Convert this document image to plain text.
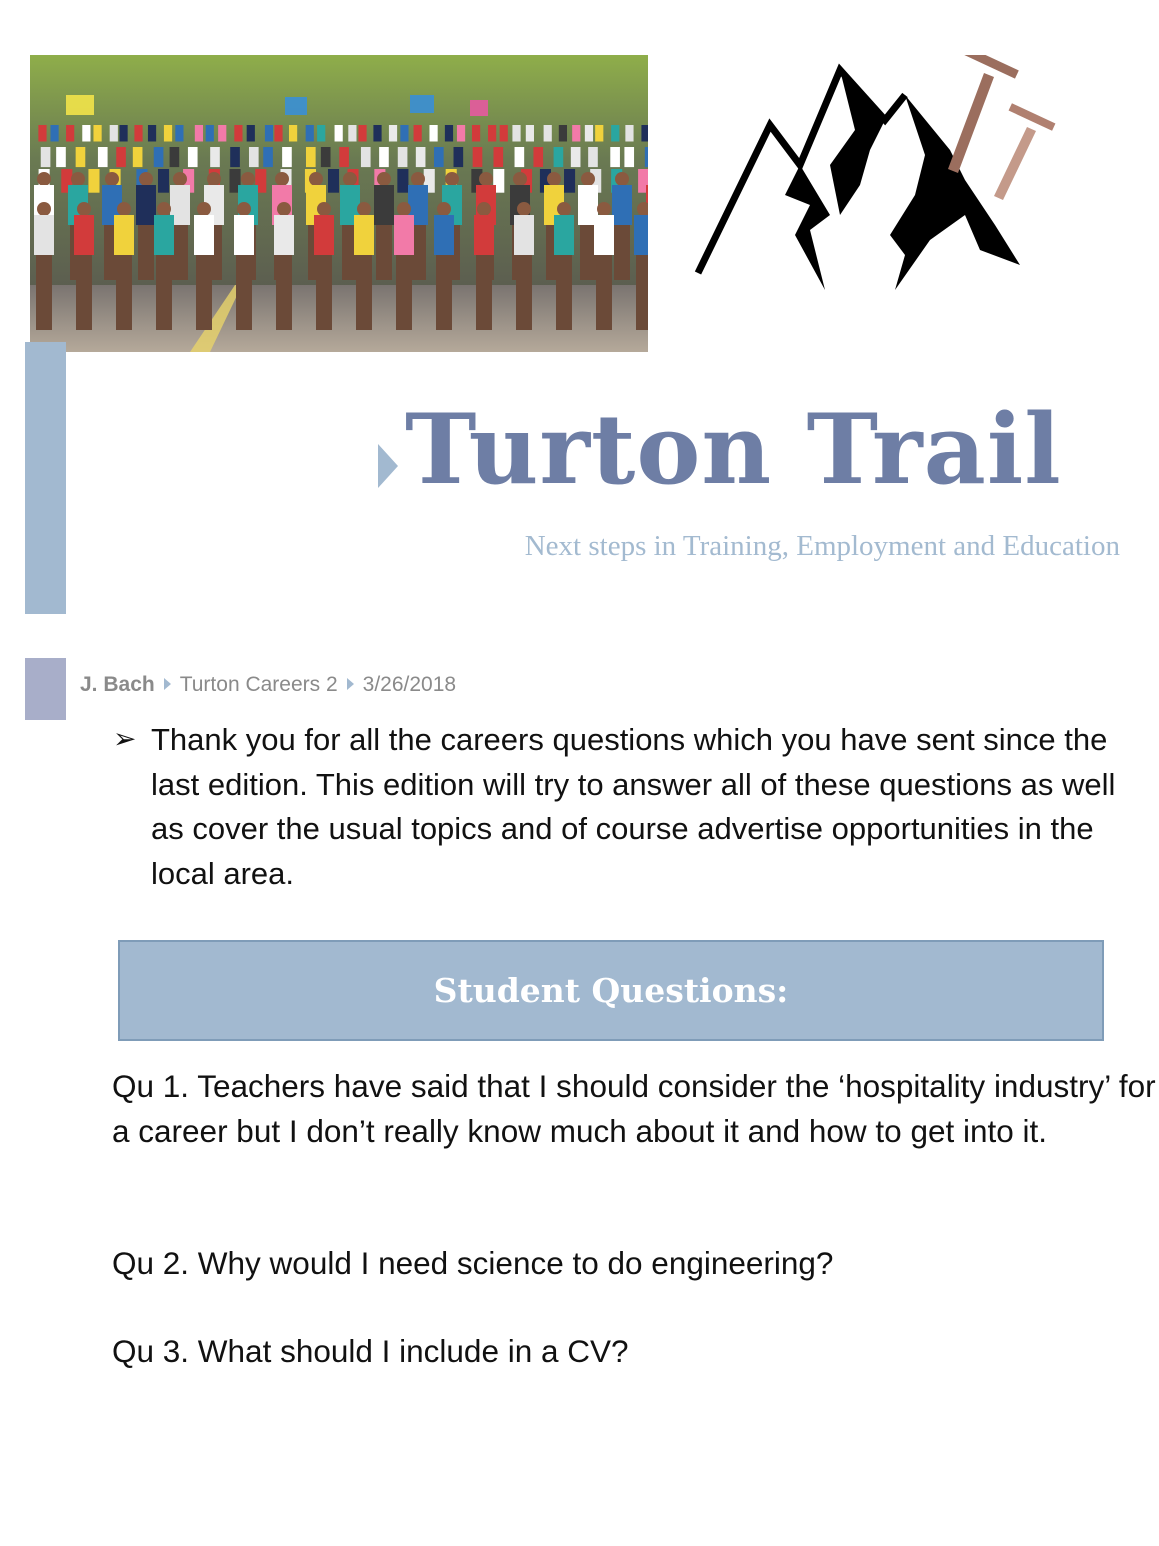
T
Turton Trail
Next steps in Training, Employment and Education
J. Bach Turton Careers 2 3/26/2018
➢ Thank you for all the careers questions which you have sent since the last edition. This edition will try to answer all of these questions as well as cover the usual topics and of course advertise opportunities in the local area.
Student Questions:
Qu 1. Teachers have said that I should consider the ‘hospitality industry’ for a career but I don’t really know much about it and how to get into it.
Qu 2. Why would I need science to do engineering?
Qu 3. What should I include in a CV?
